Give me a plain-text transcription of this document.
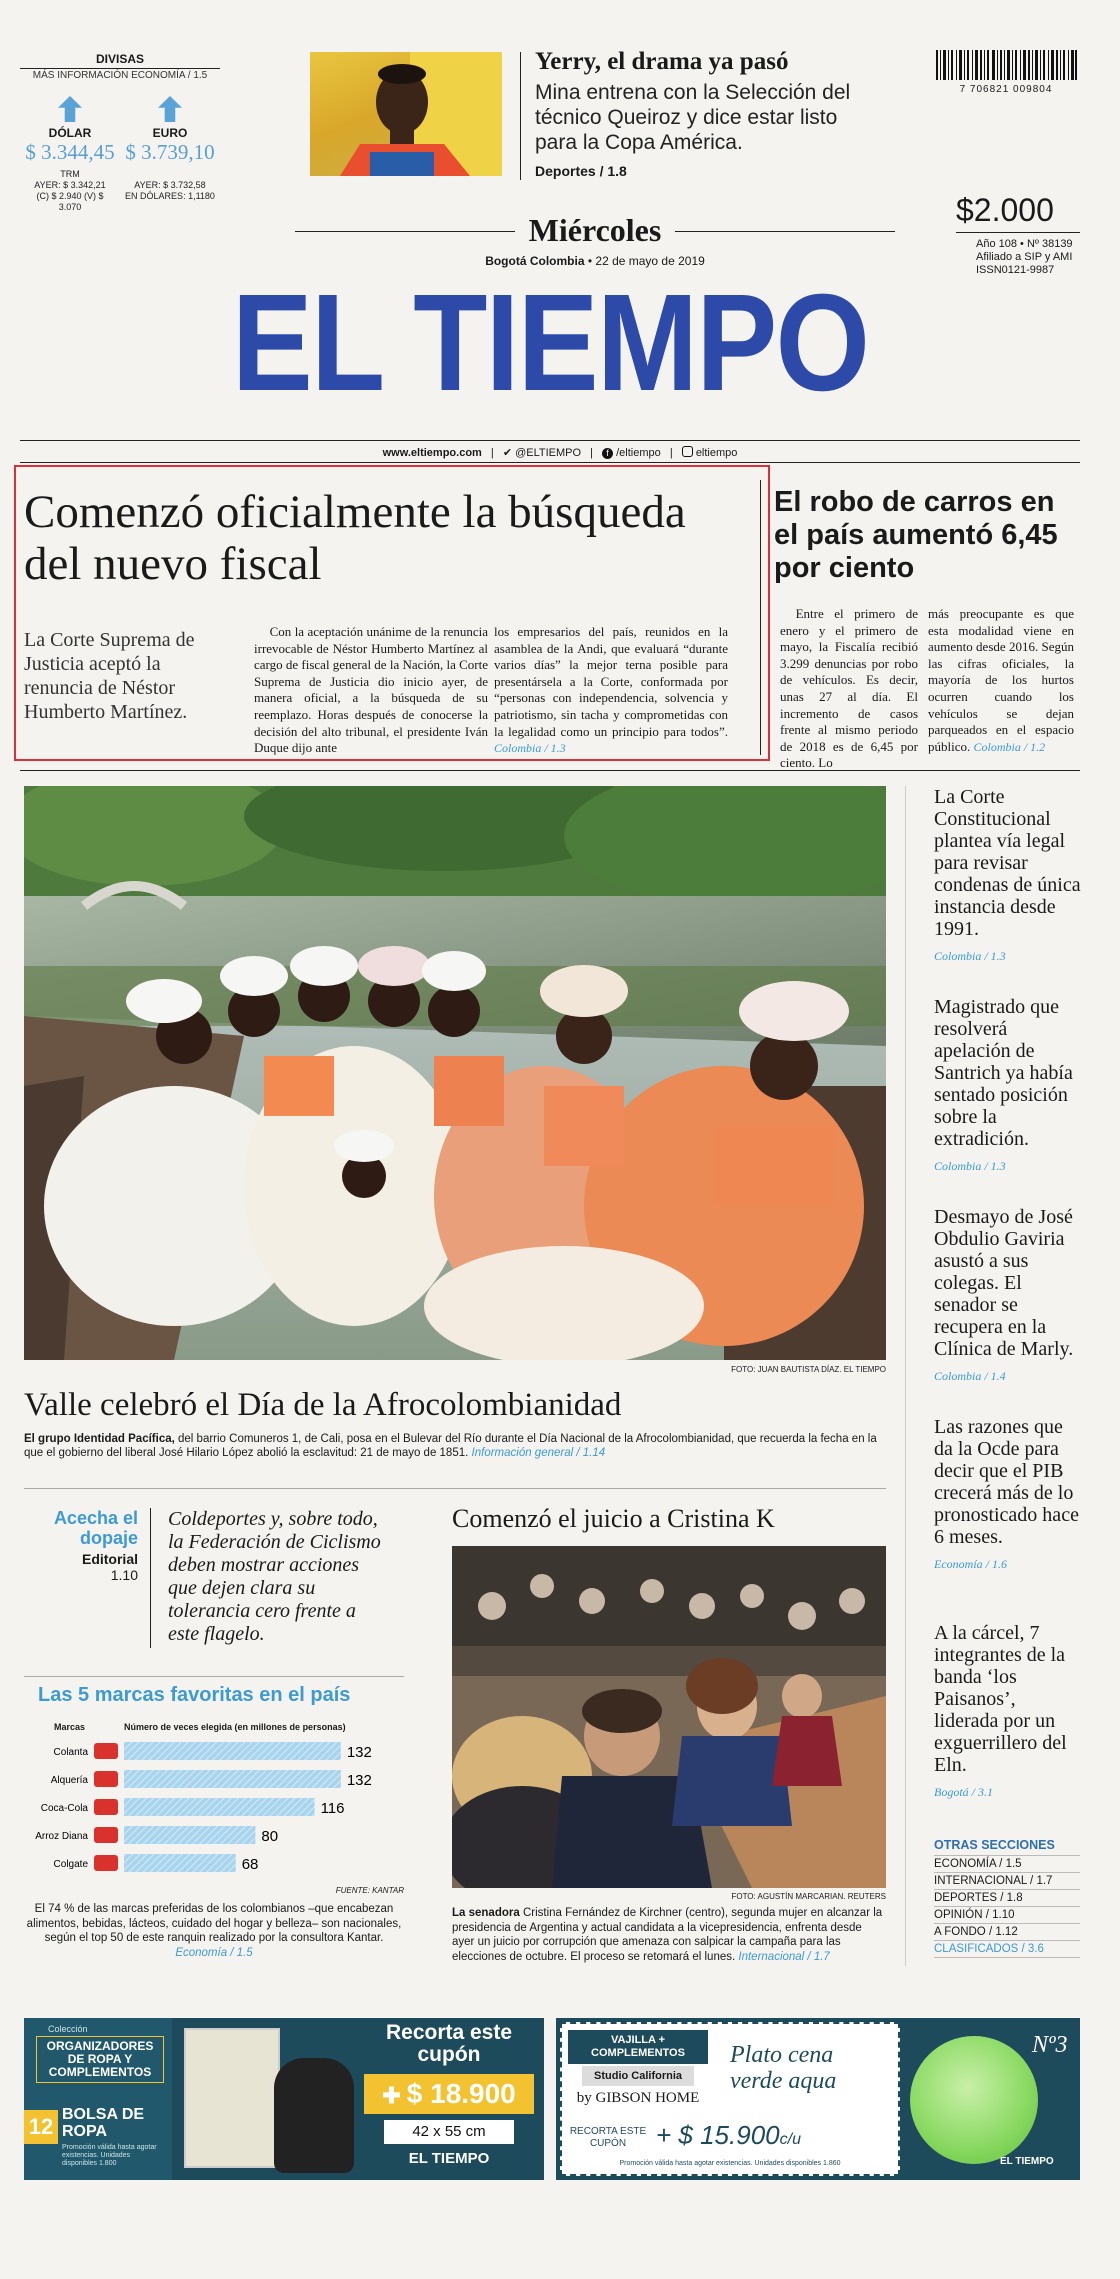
DIVISAS
MÁS INFORMACIÓN ECONOMÍA / 1.5
DÓLAR
$ 3.344,45
TRM
AYER: $ 3.342,21
(C) $ 2.940 (V) $ 3.070
EURO
$ 3.739,10
AYER: $ 3.732,58
EN DÓLARES: 1,1180
Yerry, el drama ya pasó
Mina entrena con la Selección del técnico Queiroz y dice estar listo para la Copa América.
Deportes / 1.8
7 706821 009804
Miércoles
Bogotá Colombia • 22 de mayo de 2019
$2.000
Año 108 • Nº 38139
Afiliado a SIP y AMI
ISSN0121-9987
EL TIEMPO
www.eltiempo.com | ✔ @ELTIEMPO | f /eltiempo | eltiempo
Comenzó oficialmente la búsqueda del nuevo fiscal
La Corte Suprema de Justicia aceptó la renuncia de Néstor Humberto Martínez.
Con la aceptación unánime de la renuncia irrevocable de Néstor Humberto Martínez al cargo de fiscal general de la Nación, la Corte Suprema de Justicia dio inicio ayer, de manera oficial, a la búsqueda de su reemplazo. Horas después de conocerse la decisión del alto tribunal, el presidente Iván Duque dijo ante
los empresarios del país, reunidos en la asamblea de la Andi, que evaluará “durante varios días” la mejor terna posible para presentársela a la Corte, conformada por “personas con independencia, solvencia y patriotismo, sin tacha y comprometidas con la legalidad como un principio para todos”. Colombia / 1.3
El robo de carros en el país aumentó 6,45 por ciento
Entre el primero de enero y el primero de mayo, la Fiscalía recibió 3.299 denuncias por robo de vehículos. Es decir, unas 27 al día. El incremento de casos frente al mismo periodo de 2018 es de 6,45 por ciento. Lo
más preocupante es que esta modalidad viene en aumento desde 2016. Según las cifras oficiales, la mayoría de los hurtos ocurren cuando los vehículos se dejan parqueados en el espacio público. Colombia / 1.2
FOTO: JUAN BAUTISTA DÍAZ. EL TIEMPO
Valle celebró el Día de la Afrocolombianidad
El grupo Identidad Pacífica, del barrio Comuneros 1, de Cali, posa en el Bulevar del Río durante el Día Nacional de la Afrocolombianidad, que recuerda la fecha en la que el gobierno del liberal José Hilario López abolió la esclavitud: 21 de mayo de 1851. Información general / 1.14
La Corte Constitucional plantea vía legal para revisar condenas de única instancia desde 1991.
Colombia / 1.3
Magistrado que resolverá apelación de Santrich ya había sentado posición sobre la extradición.
Colombia / 1.3
Desmayo de José Obdulio Gaviria asustó a sus colegas. El senador se recupera en la Clínica de Marly.
Colombia / 1.4
Las razones que da la Ocde para decir que el PIB crecerá más de lo pronosticado hace 6 meses.
Economía / 1.6
A la cárcel, 7 integrantes de la banda ‘los Paisanos’, liderada por un exguerrillero del Eln.
Bogotá / 3.1
OTRAS SECCIONES
ECONOMÍA / 1.5
INTERNACIONAL / 1.7
DEPORTES / 1.8
OPINIÓN / 1.10
A FONDO / 1.12
CLASIFICADOS / 3.6
Acecha el
dopaje
Editorial
1.10
Coldeportes y, sobre todo, la Federación de Ciclismo deben mostrar acciones que dejen clara su tolerancia cero frente a este flagelo.
Las 5 marcas favoritas en el país
Marcas	Número de veces elegida (en millones de personas)
Colanta	132
Alquería	132
Coca-Cola	116
Arroz Diana	80
Colgate	68
FUENTE: KANTAR
El 74 % de las marcas preferidas de los colombianos –que encabezan alimentos, bebidas, lácteos, cuidado del hogar y belleza– son nacionales, según el top 50 de este ranquin realizado por la consultora Kantar.
Economía / 1.5
Comenzó el juicio a Cristina K
FOTO: AGUSTÍN MARCARIAN. REUTERS
La senadora Cristina Fernández de Kirchner (centro), segunda mujer en alcanzar la presidencia de Argentina y actual candidata a la vicepresidencia, enfrenta desde ayer un juicio por corrupción que amenaza con salpicar la campaña para las elecciones de octubre. El proceso se retomará el lunes. Internacional / 1.7
Colección
ORGANIZADORES DE ROPA Y COMPLEMENTOS
12 BOLSA DE ROPA
Promoción válida hasta agotar existencias. Unidades disponibles 1.800
Recorta este cupón
✚ $ 18.900
42 x 55 cm
EL TIEMPO
VAJILLA + COMPLEMENTOS
Studio California
by GIBSON HOME
Plato cena verde aqua
RECORTA ESTE CUPÓN	+ $ 15.900c/u
Promoción válida hasta agotar existencias. Unidades disponibles 1.860
Nº3
EL TIEMPO
